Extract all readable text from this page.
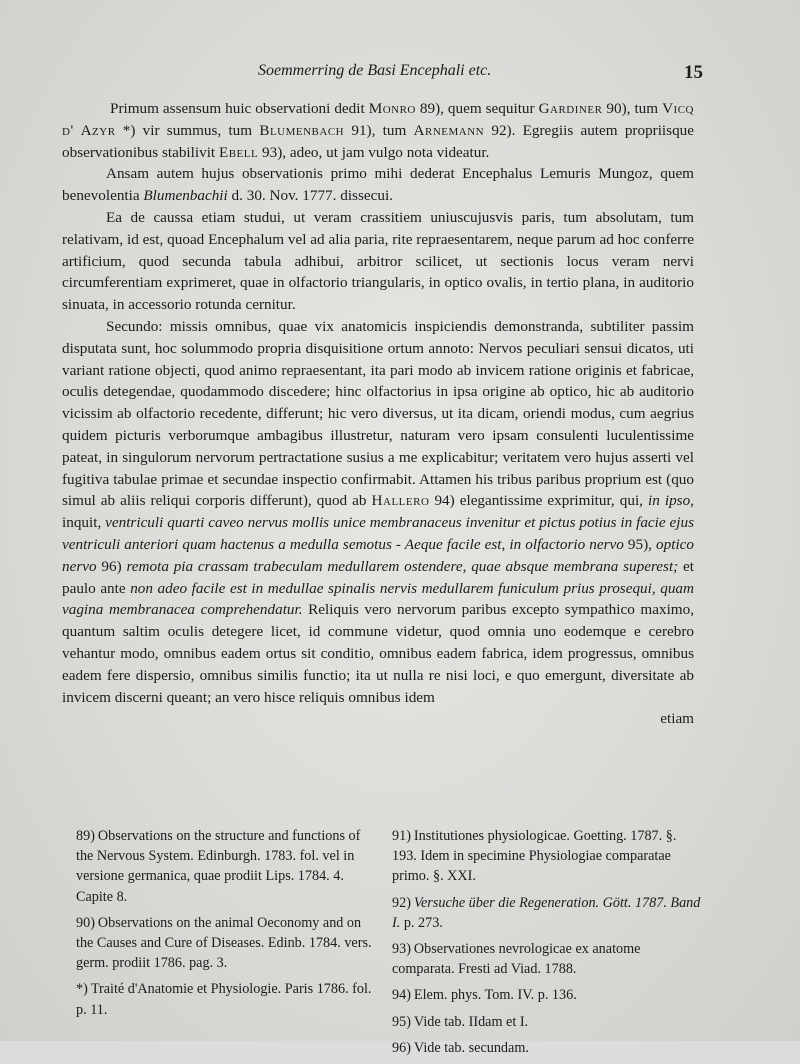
Soemmerring de Basi Encephali etc.	15

Primum assensum huic observationi dedit Monro 89), quem sequitur Gardiner 90), tum Vicq d' Azyr *) vir summus, tum Blumenbach 91), tum Arnemann 92). Egregiis autem propriisque observationibus stabilivit Ebell 93), adeo, ut jam vulgo nota videatur.

Ansam autem hujus observationis primo mihi dederat Encephalus Lemuris Mungoz, quem benevolentia Blumenbachii d. 30. Nov. 1777. dissecui.

Ea de caussa etiam studui, ut veram crassitiem uniuscujusvis paris, tum absolutam, tum relativam, id est, quoad Encephalum vel ad alia paria, rite repraesentarem, neque parum ad hoc conferre artificium, quod secunda tabula adhibui, arbitror scilicet, ut sectionis locus veram nervi circumferentiam exprimeret, quae in olfactorio triangularis, in optico ovalis, in tertio plana, in auditorio sinuata, in accessorio rotunda cernitur.

Secundo: missis omnibus, quae vix anatomicis inspiciendis demonstranda, subtiliter passim disputata sunt, hoc solummodo propria disquisitione ortum annoto: Nervos peculiari sensui dicatos, uti variant ratione objecti, quod animo repraesentant, ita pari modo ab invicem ratione originis et fabricae, oculis detegendae, quodammodo discedere; hinc olfactorius in ipsa origine ab optico, hic ab auditorio vicissim ab olfactorio recedente, differunt; hic vero diversus, ut ita dicam, oriendi modus, cum aegrius quidem picturis verborumque ambagibus illustretur, naturam vero ipsam consulenti luculentissime pateat, in singulorum nervorum pertractatione susius a me explicabitur; veritatem vero hujus asserti vel fugitiva tabulae primae et secundae inspectio confirmabit. Attamen his tribus paribus proprium est (quo simul ab aliis reliqui corporis differunt), quod ab Hallero 94) elegantissime exprimitur, qui, in ipso, inquit, ventriculi quarti caveo nervus mollis unice membranaceus invenitur et pictus potius in facie ejus ventriculi anteriori quam hactenus a medulla semotus - Aeque facile est, in olfactorio nervo 95), optico nervo 96) remota pia crassam trabeculam medullarem ostendere, quae absque membrana superest; et paulo ante non adeo facile est in medullae spinalis nervis medullarem funiculum prius prosequi, quam vagina membranacea comprehendatur. Reliquis vero nervorum paribus excepto sympathico maximo, quantum saltim oculis detegere licet, id commune videtur, quod omnia uno eodemque e cerebro vehantur modo, omnibus eadem ortus sit conditio, omnibus eadem fabrica, idem progressus, omnibus eadem fere dispersio, omnibus similis functio; ita ut nulla re nisi loci, e quo emergunt, diversitate ab invicem discerni queant; an vero hisce reliquis omnibus idem

etiam

89) Observations on the structure and functions of the Nervous System. Edinburgh. 1783. fol. vel in versione germanica, quae prodiit Lips. 1784. 4. Capite 8.

90) Observations on the animal Oeconomy and on the Causes and Cure of Diseases. Edinb. 1784. vers. germ. prodiit 1786. pag. 3.

*) Traité d'Anatomie et Physiologie. Paris 1786. fol. p. 11.

91) Institutiones physiologicae. Goetting. 1787. §. 193. Idem in specimine Physiologiae comparatae primo. §. XXI.

92) Versuche über die Regeneration. Gött. 1787. Band I. p. 273.

93) Observationes nevrologicae ex anatome comparata. Fresti ad Viad. 1788.

94) Elem. phys. Tom. IV. p. 136.

95) Vide tab. IIdam et I.

96) Vide tab. secundam.
